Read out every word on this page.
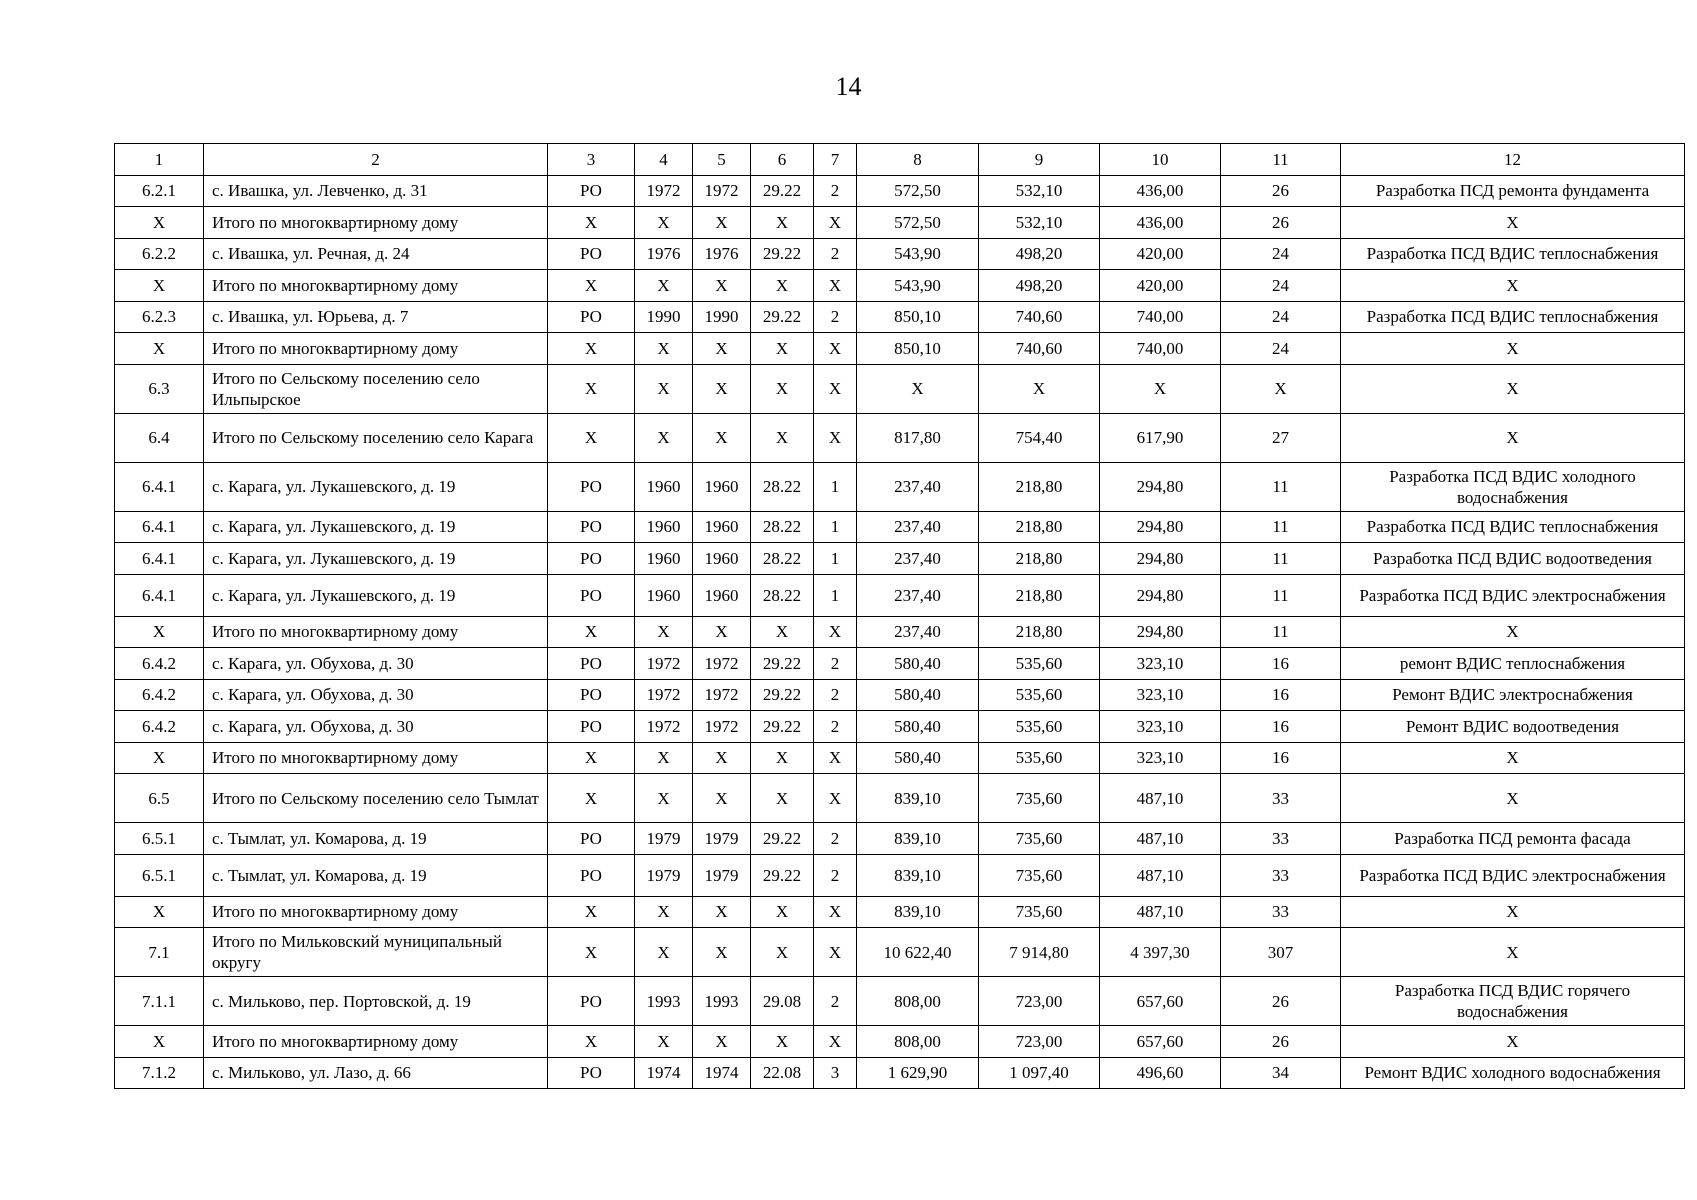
14
1	2	3	4	5	6	7	8	9	10	11	12
6.2.1	с. Ивашка, ул. Левченко, д. 31	РО	1972	1972	29.22	2	572,50	532,10	436,00	26	Разработка ПСД ремонта фундамента
X	Итого по многоквартирному дому	X	X	X	X	X	572,50	532,10	436,00	26	X
6.2.2	с. Ивашка, ул. Речная, д. 24	РО	1976	1976	29.22	2	543,90	498,20	420,00	24	Разработка ПСД ВДИС теплоснабжения
X	Итого по многоквартирному дому	X	X	X	X	X	543,90	498,20	420,00	24	X
6.2.3	с. Ивашка, ул. Юрьева, д. 7	РО	1990	1990	29.22	2	850,10	740,60	740,00	24	Разработка ПСД ВДИС теплоснабжения
X	Итого по многоквартирному дому	X	X	X	X	X	850,10	740,60	740,00	24	X
6.3	Итого по Сельскому поселению село Ильпырское	X	X	X	X	X	X	X	X	X	X
6.4	Итого по Сельскому поселению село Карага	X	X	X	X	X	817,80	754,40	617,90	27	X
6.4.1	с. Карага, ул. Лукашевского, д. 19	РО	1960	1960	28.22	1	237,40	218,80	294,80	11	Разработка ПСД ВДИС холодного водоснабжения
6.4.1	с. Карага, ул. Лукашевского, д. 19	РО	1960	1960	28.22	1	237,40	218,80	294,80	11	Разработка ПСД ВДИС теплоснабжения
6.4.1	с. Карага, ул. Лукашевского, д. 19	РО	1960	1960	28.22	1	237,40	218,80	294,80	11	Разработка ПСД ВДИС водоотведения
6.4.1	с. Карага, ул. Лукашевского, д. 19	РО	1960	1960	28.22	1	237,40	218,80	294,80	11	Разработка ПСД ВДИС электроснабжения
X	Итого по многоквартирному дому	X	X	X	X	X	237,40	218,80	294,80	11	X
6.4.2	с. Карага, ул. Обухова, д. 30	РО	1972	1972	29.22	2	580,40	535,60	323,10	16	ремонт ВДИС теплоснабжения
6.4.2	с. Карага, ул. Обухова, д. 30	РО	1972	1972	29.22	2	580,40	535,60	323,10	16	Ремонт ВДИС электроснабжения
6.4.2	с. Карага, ул. Обухова, д. 30	РО	1972	1972	29.22	2	580,40	535,60	323,10	16	Ремонт ВДИС водоотведения
X	Итого по многоквартирному дому	X	X	X	X	X	580,40	535,60	323,10	16	X
6.5	Итого по Сельскому поселению село Тымлат	X	X	X	X	X	839,10	735,60	487,10	33	X
6.5.1	с. Тымлат, ул. Комарова, д. 19	РО	1979	1979	29.22	2	839,10	735,60	487,10	33	Разработка ПСД ремонта фасада
6.5.1	с. Тымлат, ул. Комарова, д. 19	РО	1979	1979	29.22	2	839,10	735,60	487,10	33	Разработка ПСД ВДИС электроснабжения
X	Итого по многоквартирному дому	X	X	X	X	X	839,10	735,60	487,10	33	X
7.1	Итого по Мильковский муниципальный округу	X	X	X	X	X	10 622,40	7 914,80	4 397,30	307	X
7.1.1	с. Мильково, пер. Портовской, д. 19	РО	1993	1993	29.08	2	808,00	723,00	657,60	26	Разработка ПСД ВДИС горячего водоснабжения
X	Итого по многоквартирному дому	X	X	X	X	X	808,00	723,00	657,60	26	X
7.1.2	с. Мильково, ул. Лазо, д. 66	РО	1974	1974	22.08	3	1 629,90	1 097,40	496,60	34	Ремонт ВДИС холодного водоснабжения
